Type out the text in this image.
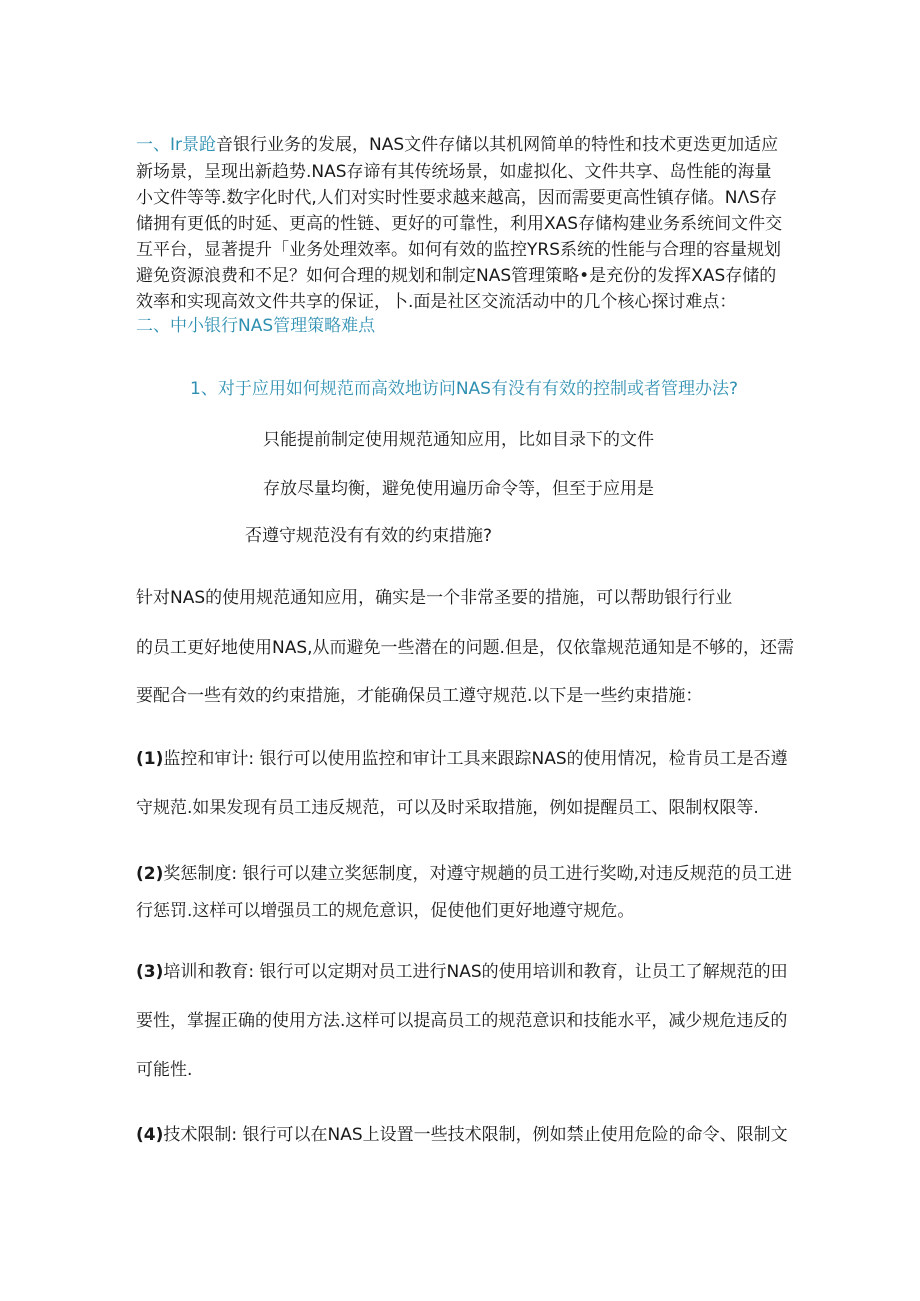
一、Ir景跄音银行业务的发展，NAS文件存储以其机网简单的特性和技术更迭更加适应
新场景，呈现出新趋势.NAS存谛有其传统场景，如虚拟化、文件共享、岛性能的海量
小文件等等.数字化时代,人们对实时性要求越来越高，因而需要更高性镇存储。NΛS存
储拥有更低的时延、更高的性链、更好的可靠性，利用XAS存储构建业务系统间文件交
互平台，显著提升「业务处理效率。如何有效的监控YRS系统的性能与合理的容量规划
避免资源浪费和不足？如何合理的规划和制定NAS管理策略•是充份的发挥XAS存储的
效率和实现高效文件共享的保证，卜.面是社区交流活动中的几个核心探讨难点：
二、中小银行NAS管理策略难点
1、对于应用如何规范而高效地访问NAS有没有有效的控制或者管理办法?
只能提前制定使用规范通知应用，比如目录下的文件
存放尽量均衡，避免使用遍历命令等，但至于应用是
否遵守规范没有有效的约束措施?
针对NAS的使用规范通知应用，确实是一个非常圣要的措施，可以帮助银行行业
的员工更好地使用NAS,从而避免一些潜在的问题.但是，仅依靠规范通知是不够的，还需
要配合一些有效的约束措施，才能确保员工遵守规范.以下是一些约束措施：
(1)监控和审计: 银行可以使用监控和审计工具来跟踪NAS的使用情况，检肯员工是否遵
守规范.如果发现有员工违反规范，可以及时采取措施，例如提醒员工、限制权限等.
(2)奖惩制度: 银行可以建立奖惩制度，对遵守规趟的员工进行奖呦,对违反规范的员工进
行惩罚.这样可以增强员工的规危意识，促使他们更好地遵守规危。
(3)培训和教育: 银行可以定期对员工进行NAS的使用培训和教育，让员工了解规范的田
要性，掌握正确的使用方法.这样可以提高员工的规范意识和技能水平，减少规危违反的
可能性.
(4)技术限制: 银行可以在NAS上设置一些技术限制，例如禁止使用危险的命令、限制文
